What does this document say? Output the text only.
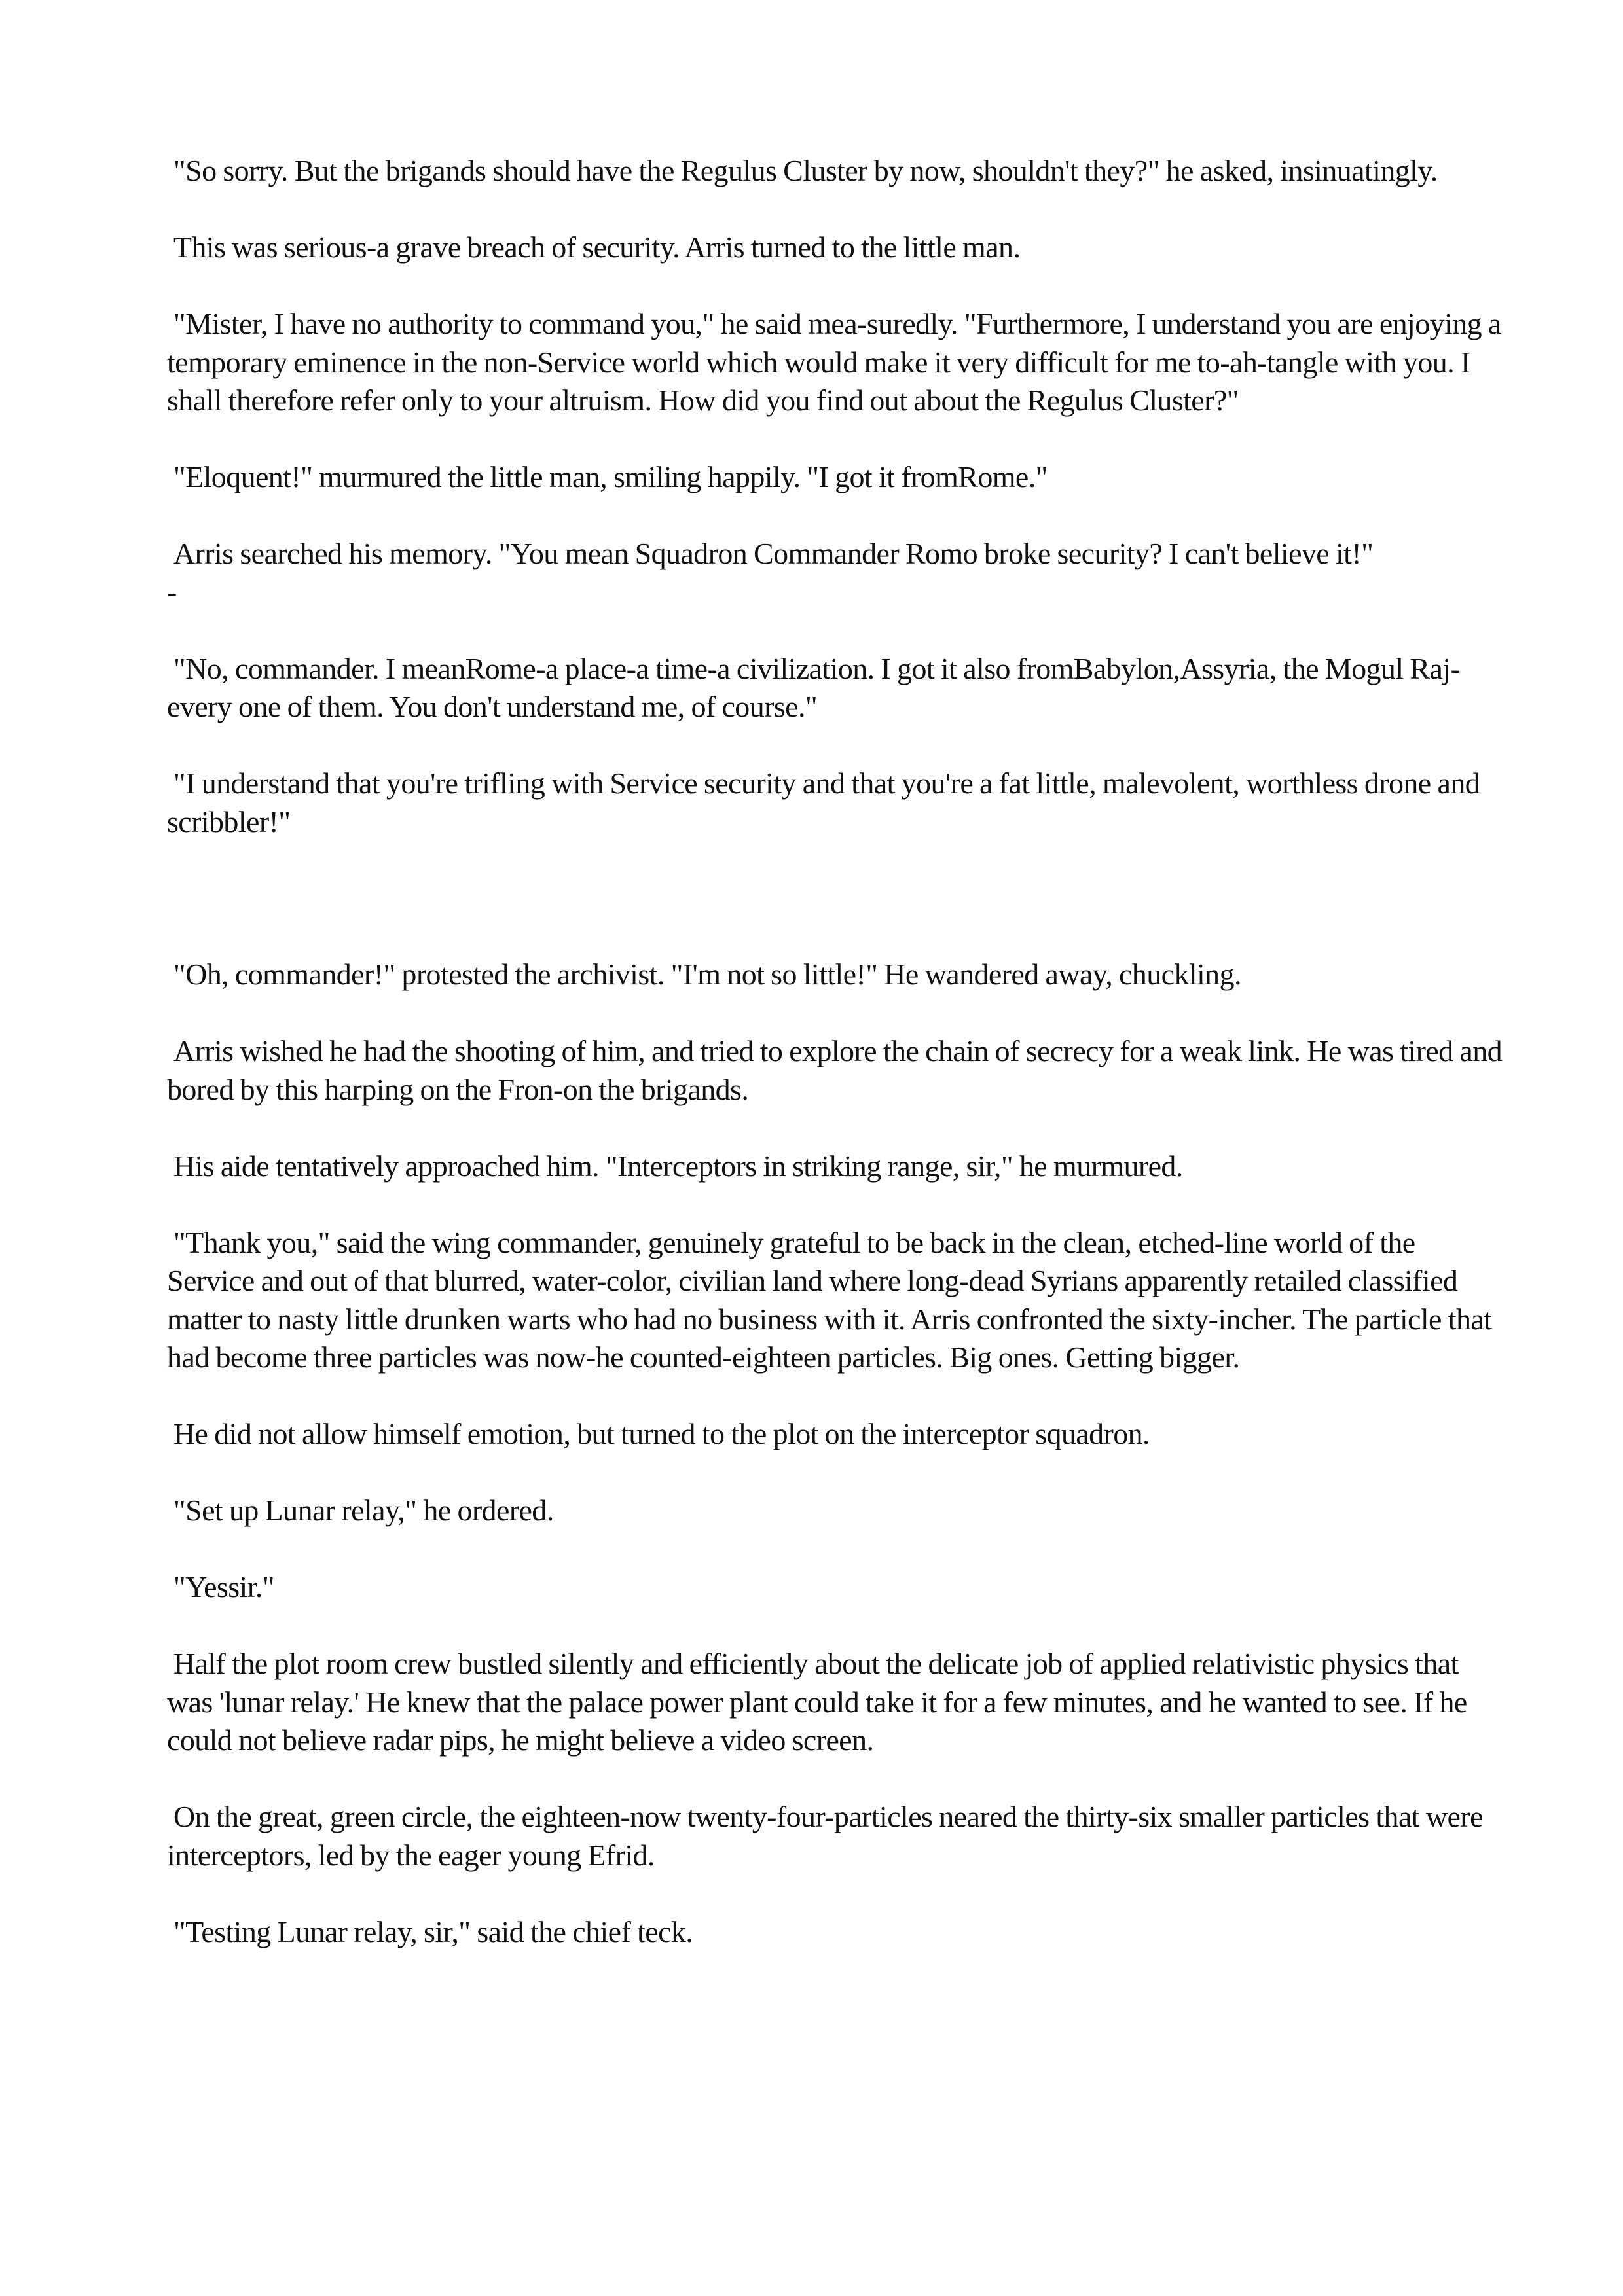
"So sorry. But the brigands should have the Regulus Cluster by now, shouldn't they?" he asked, insinuatingly.

This was serious-a grave breach of security. Arris turned to the little man.

"Mister, I have no authority to command you," he said mea-suredly. "Furthermore, I understand you are enjoying a temporary eminence in the non-Service world which would make it very difficult for me to-ah-tangle with you. I shall therefore refer only to your altruism. How did you find out about the Regulus Cluster?"

"Eloquent!" murmured the little man, smiling happily. "I got it fromRome."

Arris searched his memory. "You mean Squadron Commander Romo broke security? I can't believe it!"
-

"No, commander. I meanRome-a place-a time-a civilization. I got it also fromBabylon,Assyria, the Mogul Raj-every one of them. You don't understand me, of course."

"I understand that you're trifling with Service security and that you're a fat little, malevolent, worthless drone and scribbler!"

"Oh, commander!" protested the archivist. "I'm not so little!" He wandered away, chuckling.

Arris wished he had the shooting of him, and tried to explore the chain of secrecy for a weak link. He was tired and bored by this harping on the Fron-on the brigands.

His aide tentatively approached him. "Interceptors in striking range, sir," he murmured.

"Thank you," said the wing commander, genuinely grateful to be back in the clean, etched-line world of the Service and out of that blurred, water-color, civilian land where long-dead Syrians apparently retailed classified matter to nasty little drunken warts who had no business with it. Arris confronted the sixty-incher. The particle that had become three particles was now-he counted-eighteen particles. Big ones. Getting bigger.

He did not allow himself emotion, but turned to the plot on the interceptor squadron.

"Set up Lunar relay," he ordered.

"Yessir."

Half the plot room crew bustled silently and efficiently about the delicate job of applied relativistic physics that was 'lunar relay.' He knew that the palace power plant could take it for a few minutes, and he wanted to see. If he could not believe radar pips, he might believe a video screen.

On the great, green circle, the eighteen-now twenty-four-particles neared the thirty-six smaller particles that were interceptors, led by the eager young Efrid.

"Testing Lunar relay, sir," said the chief teck.
